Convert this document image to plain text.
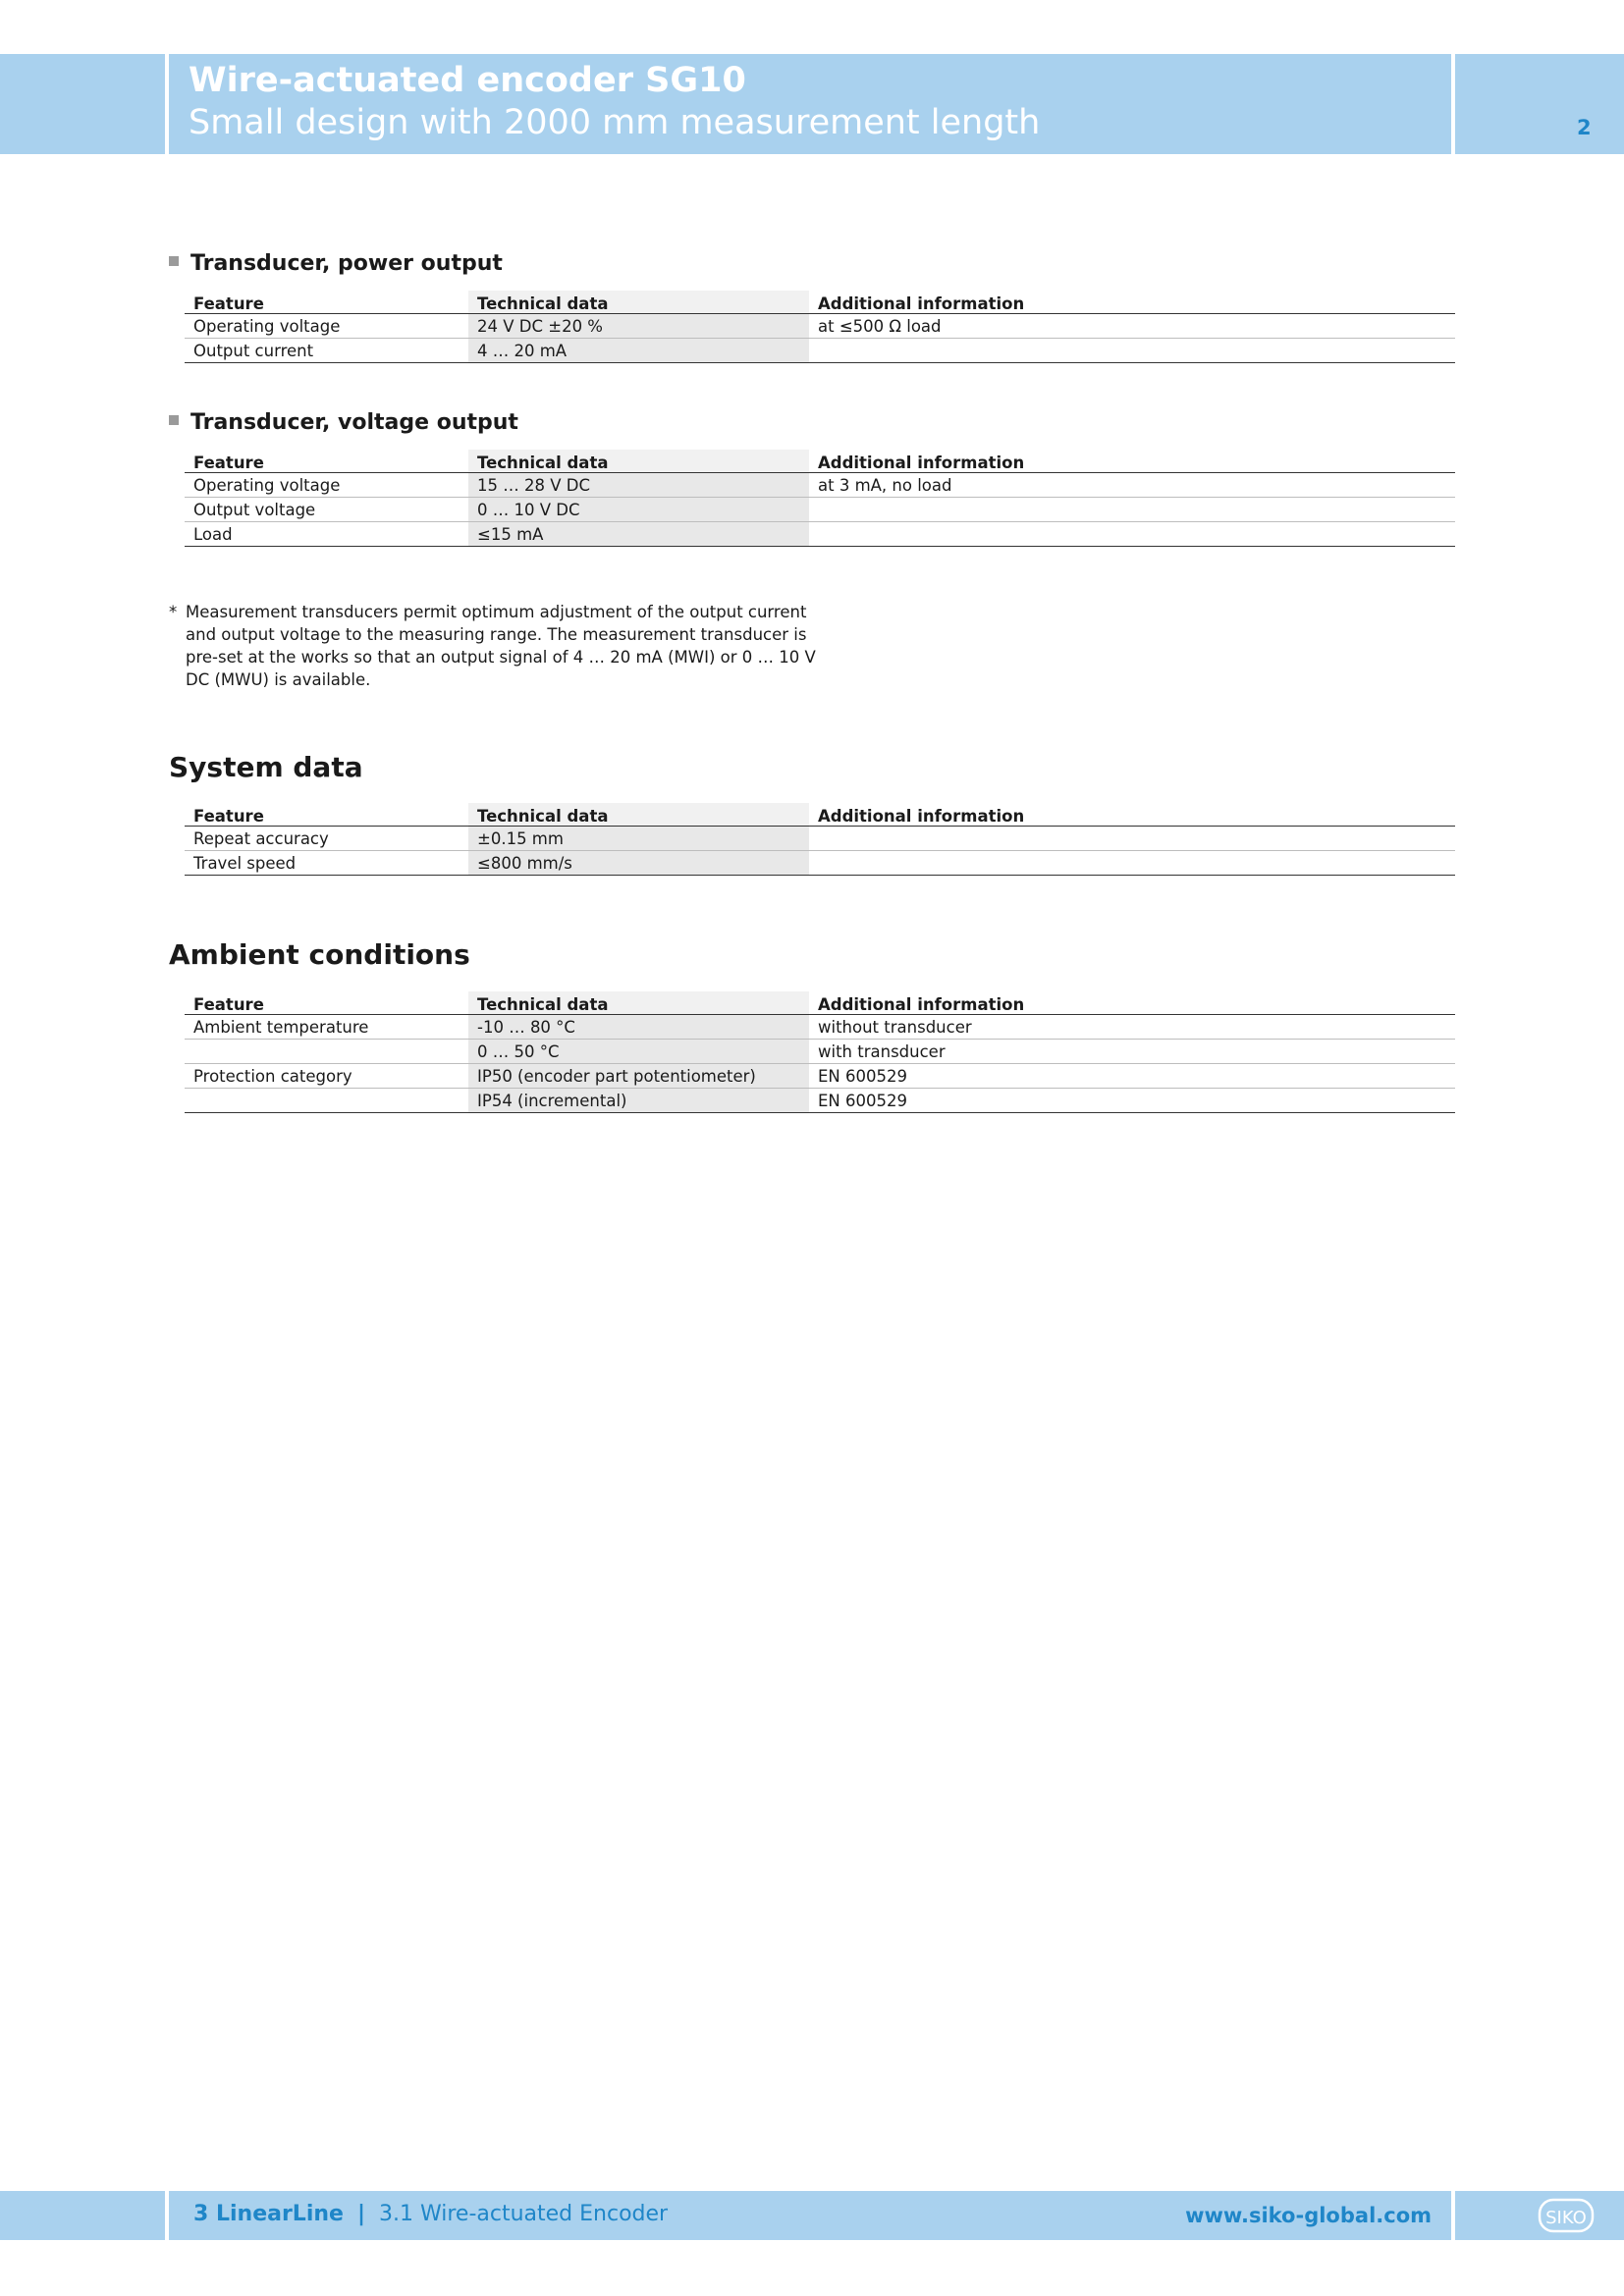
Wire-actuated encoder SG10
Small design with 2000 mm measurement length	2
Transducer, power output
Feature	Technical data	Additional information
Operating voltage	24 V DC ±20 %	at ≤500 Ω load
Output current	4 … 20 mA	
Transducer, voltage output
Feature	Technical data	Additional information
Operating voltage	15 … 28 V DC	at 3 mA, no load
Output voltage	0 … 10 V DC	
Load	≤15 mA	
* Measurement transducers permit optimum adjustment of the output current and output voltage to the measuring range. The measurement transducer is pre-set at the works so that an output signal of 4 … 20 mA (MWI) or 0 … 10 V DC (MWU) is available.
System data
Feature	Technical data	Additional information
Repeat accuracy	±0.15 mm	
Travel speed	≤800 mm/s	
Ambient conditions
Feature	Technical data	Additional information
Ambient temperature	-10 … 80 °C	without transducer
	0 … 50 °C	with transducer
Protection category	IP50 (encoder part potentiometer)	EN 600529
	IP54 (incremental)	EN 600529
3 LinearLine | 3.1 Wire-actuated Encoder	www.siko-global.com	SIKO
